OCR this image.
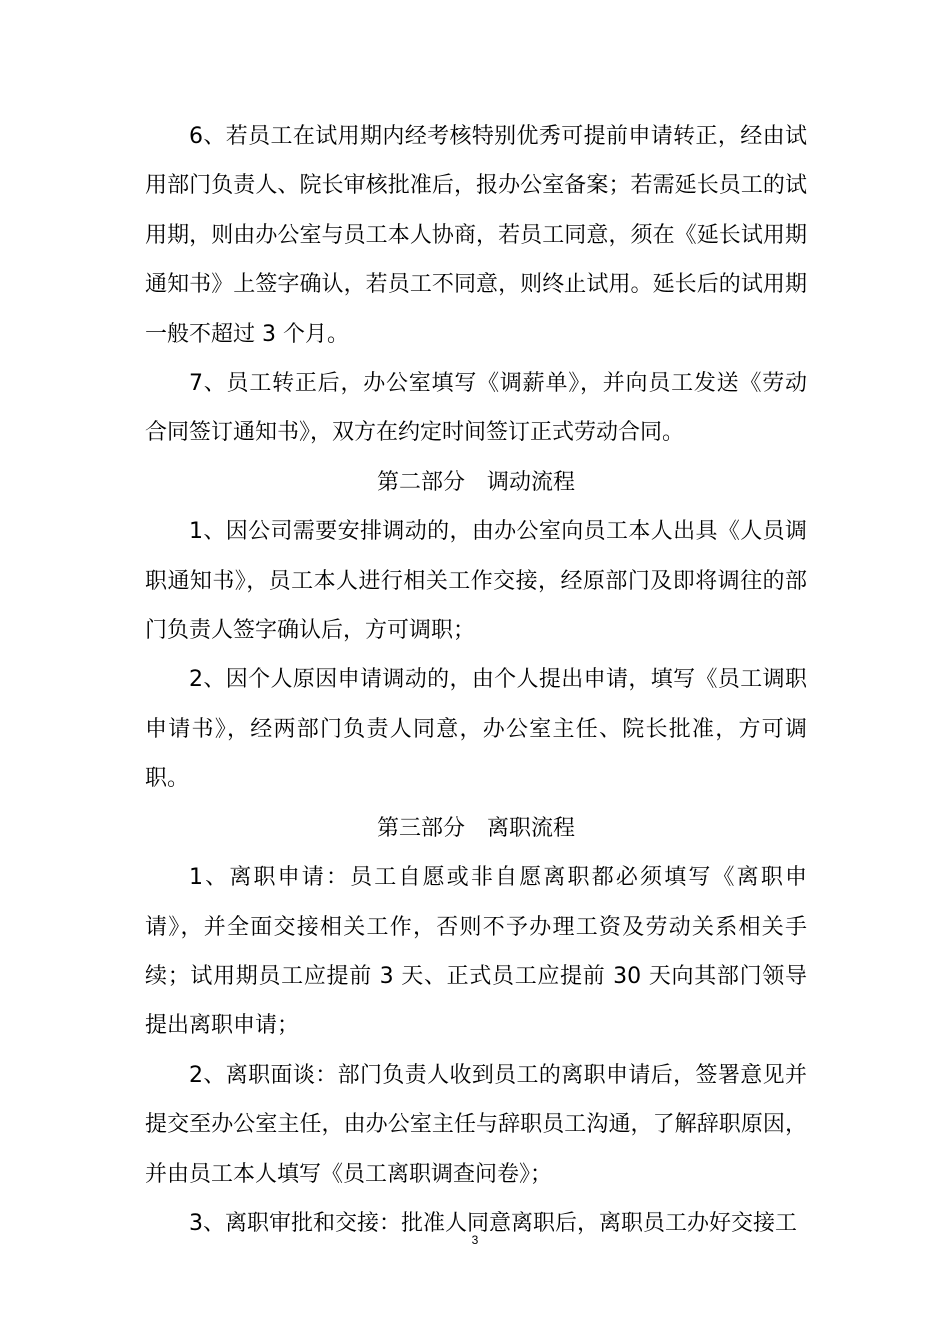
6、若员工在试用期内经考核特别优秀可提前申请转正，经由试用部门负责人、院长审核批准后，报办公室备案；若需延长员工的试用期，则由办公室与员工本人协商，若员工同意，须在《延长试用期通知书》上签字确认，若员工不同意，则终止试用。延长后的试用期一般不超过 3 个月。

7、员工转正后，办公室填写《调薪单》，并向员工发送《劳动合同签订通知书》，双方在约定时间签订正式劳动合同。

第二部分　调动流程

1、因公司需要安排调动的，由办公室向员工本人出具《人员调职通知书》，员工本人进行相关工作交接，经原部门及即将调往的部门负责人签字确认后，方可调职；

2、因个人原因申请调动的，由个人提出申请，填写《员工调职申请书》，经两部门负责人同意，办公室主任、院长批准，方可调职。

第三部分　离职流程

1、离职申请：员工自愿或非自愿离职都必须填写《离职申请》，并全面交接相关工作，否则不予办理工资及劳动关系相关手续；试用期员工应提前 3 天、正式员工应提前 30 天向其部门领导提出离职申请；

2、离职面谈：部门负责人收到员工的离职申请后，签署意见并提交至办公室主任，由办公室主任与辞职员工沟通，了解辞职原因，并由员工本人填写《员工离职调查问卷》；

3、离职审批和交接：批准人同意离职后，离职员工办好交接工

3
